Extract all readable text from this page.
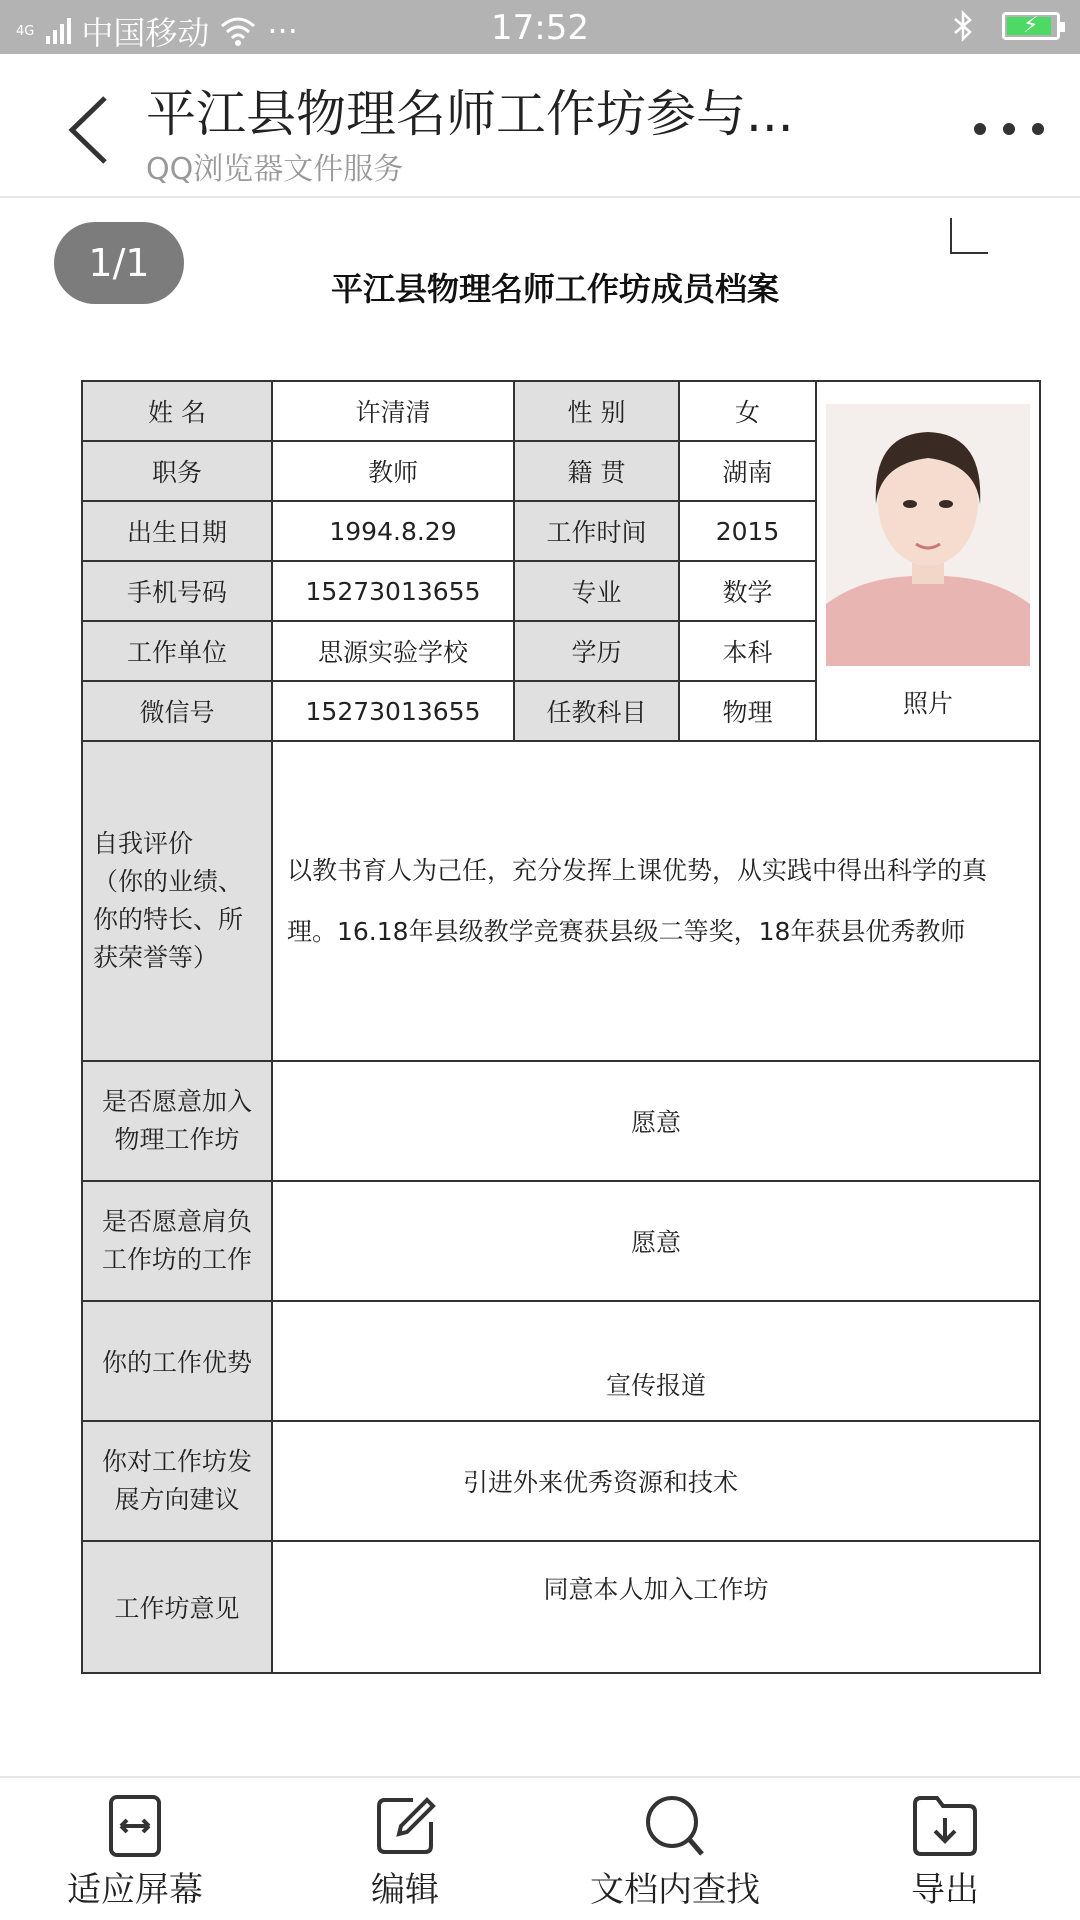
4G 中国移动 ···	17:52	⚡
平江县物理名师工作坊参与...
QQ浏览器文件服务
1/1
平江县物理名师工作坊成员档案
姓 名	许清清	性 别	女	照片

职务	教师	籍 贯	湖南	
出生日期	1994.8.29	工作时间	2015	
手机号码	15273013655	专业	数学	
工作单位	思源实验学校	学历	本科	
微信号	15273013655	任教科目	物理	
自我评价
（你的业绩、
你的特长、所
获荣誉等）	以教书育人为己任，充分发挥上课优势，从实践中得出科学的真理。16.18年县级教学竞赛获县级二等奖，18年获县优秀教师			
是否愿意加入
物理工作坊	愿意			
是否愿意肩负
工作坊的工作	愿意			
你的工作优势	宣传报道			
你对工作坊发
展方向建议	引进外来优秀资源和技术			
工作坊意见	同意本人加入工作坊			
适应屏幕	编辑	文档内查找	导出
